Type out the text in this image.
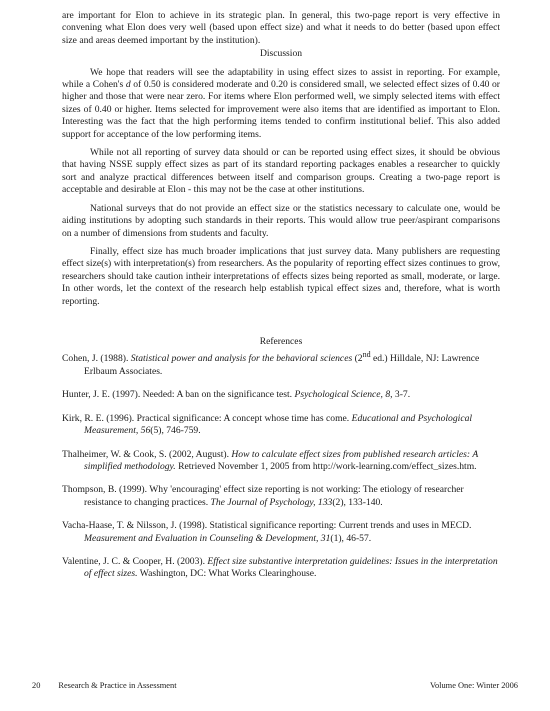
are important for Elon to achieve in its strategic plan. In general, this two-page report is very effective in convening what Elon does very well (based upon effect size) and what it needs to do better (based upon effect size and areas deemed important by the institution).

Discussion

We hope that readers will see the adaptability in using effect sizes to assist in reporting. For example, while a Cohen's d of 0.50 is considered moderate and 0.20 is considered small, we selected effect sizes of 0.40 or higher and those that were near zero. For items where Elon performed well, we simply selected items with effect sizes of 0.40 or higher. Items selected for improvement were also items that are identified as important to Elon. Interesting was the fact that the high performing items tended to confirm institutional belief. This also added support for acceptance of the low performing items.

While not all reporting of survey data should or can be reported using effect sizes, it should be obvious that having NSSE supply effect sizes as part of its standard reporting packages enables a researcher to quickly sort and analyze practical differences between itself and comparison groups. Creating a two-page report is acceptable and desirable at Elon - this may not be the case at other institutions.

National surveys that do not provide an effect size or the statistics necessary to calculate one, would be aiding institutions by adopting such standards in their reports. This would allow true peer/aspirant comparisons on a number of dimensions from students and faculty.

Finally, effect size has much broader implications that just survey data. Many publishers are requesting effect size(s) with interpretation(s) from researchers. As the popularity of reporting effect sizes continues to grow, researchers should take caution intheir interpretations of effects sizes being reported as small, moderate, or large. In other words, let the context of the research help establish typical effect sizes and, therefore, what is worth reporting.

References

Cohen, J. (1988). Statistical power and analysis for the behavioral sciences (2nd ed.) Hilldale, NJ: Lawrence Erlbaum Associates.

Hunter, J. E. (1997). Needed: A ban on the significance test. Psychological Science, 8, 3-7.

Kirk, R. E. (1996). Practical significance: A concept whose time has come. Educational and Psychological Measurement, 56(5), 746-759.

Thalheimer, W. & Cook, S. (2002, August). How to calculate effect sizes from published research articles: A simplified methodology. Retrieved November 1, 2005 from http://work-learning.com/effect_sizes.htm.

Thompson, B. (1999). Why 'encouraging' effect size reporting is not working: The etiology of researcher resistance to changing practices. The Journal of Psychology, 133(2), 133-140.

Vacha-Haase, T. & Nilsson, J. (1998). Statistical significance reporting: Current trends and uses in MECD. Measurement and Evaluation in Counseling & Development, 31(1), 46-57.

Valentine, J. C. & Cooper, H. (2003). Effect size substantive interpretation guidelines: Issues in the interpretation of effect sizes. Washington, DC: What Works Clearinghouse.

20 Research & Practice in Assessment	Volume One: Winter 2006
